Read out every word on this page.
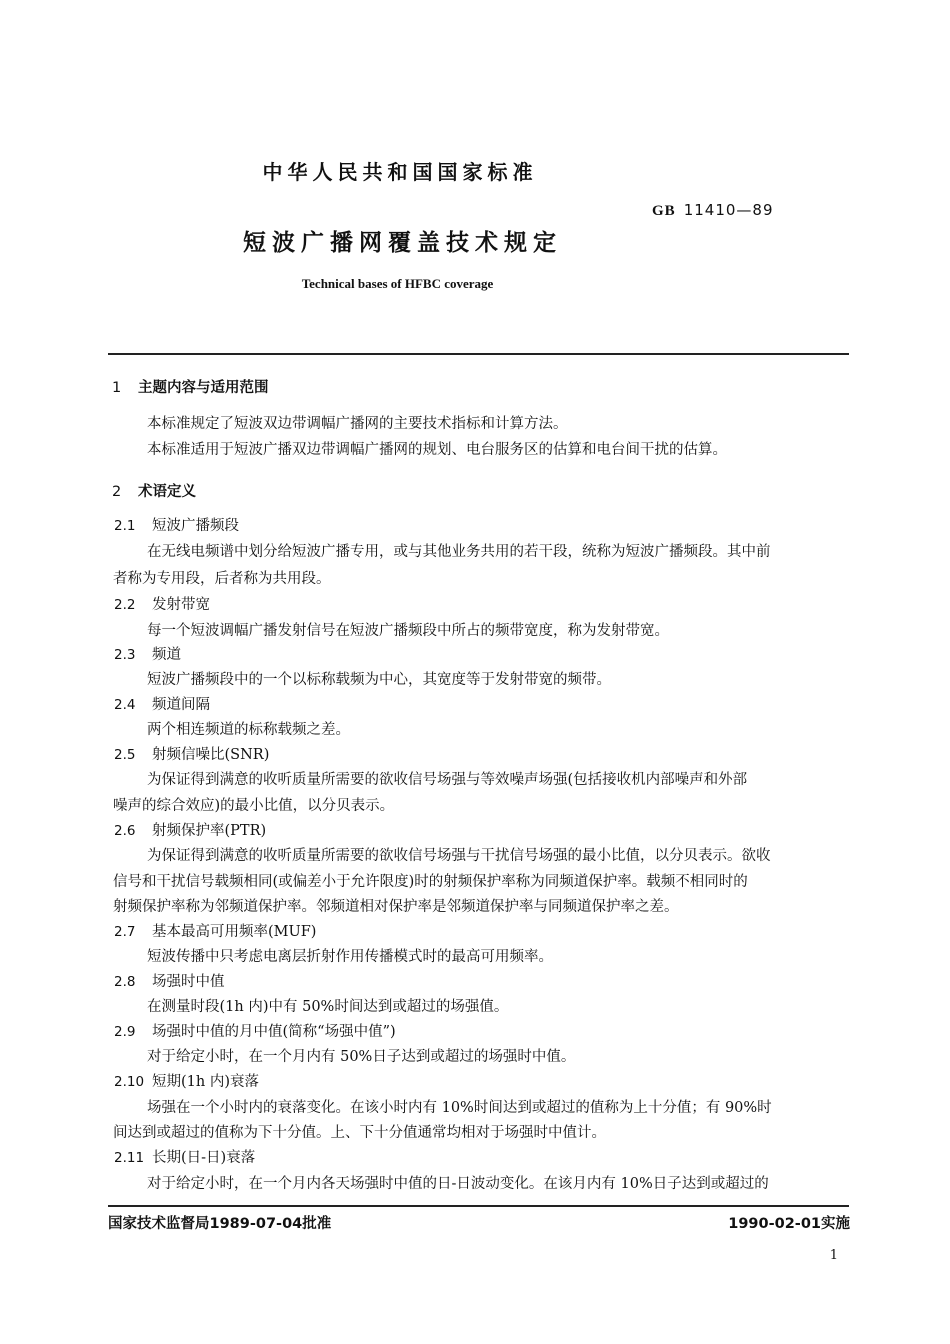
中华人民共和国国家标准
GB 11410—89
短波广播网覆盖技术规定
Technical bases of HFBC coverage
1 主题内容与适用范围
本标准规定了短波双边带调幅广播网的主要技术指标和计算方法。
本标准适用于短波广播双边带调幅广播网的规划、电台服务区的估算和电台间干扰的估算。
2 术语定义
2.1 短波广播频段
在无线电频谱中划分给短波广播专用，或与其他业务共用的若干段，统称为短波广播频段。其中前
者称为专用段，后者称为共用段。
2.2 发射带宽
每一个短波调幅广播发射信号在短波广播频段中所占的频带宽度，称为发射带宽。
2.3 频道
短波广播频段中的一个以标称载频为中心，其宽度等于发射带宽的频带。
2.4 频道间隔
两个相连频道的标称载频之差。
2.5 射频信噪比(SNR)
为保证得到满意的收听质量所需要的欲收信号场强与等效噪声场强(包括接收机内部噪声和外部
噪声的综合效应)的最小比值，以分贝表示。
2.6 射频保护率(PTR)
为保证得到满意的收听质量所需要的欲收信号场强与干扰信号场强的最小比值，以分贝表示。欲收
信号和干扰信号载频相同(或偏差小于允许限度)时的射频保护率称为同频道保护率。载频不相同时的
射频保护率称为邻频道保护率。邻频道相对保护率是邻频道保护率与同频道保护率之差。
2.7 基本最高可用频率(MUF)
短波传播中只考虑电离层折射作用传播模式时的最高可用频率。
2.8 场强时中值
在测量时段(1h 内)中有 50%时间达到或超过的场强值。
2.9 场强时中值的月中值(简称“场强中值”)
对于给定小时，在一个月内有 50%日子达到或超过的场强时中值。
2.10 短期(1h 内)衰落
场强在一个小时内的衰落变化。在该小时内有 10%时间达到或超过的值称为上十分值；有 90%时
间达到或超过的值称为下十分值。上、下十分值通常均相对于场强时中值计。
2.11 长期(日-日)衰落
对于给定小时，在一个月内各天场强时中值的日-日波动变化。在该月内有 10%日子达到或超过的
国家技术监督局1989-07-04批准	1990-02-01实施
1
